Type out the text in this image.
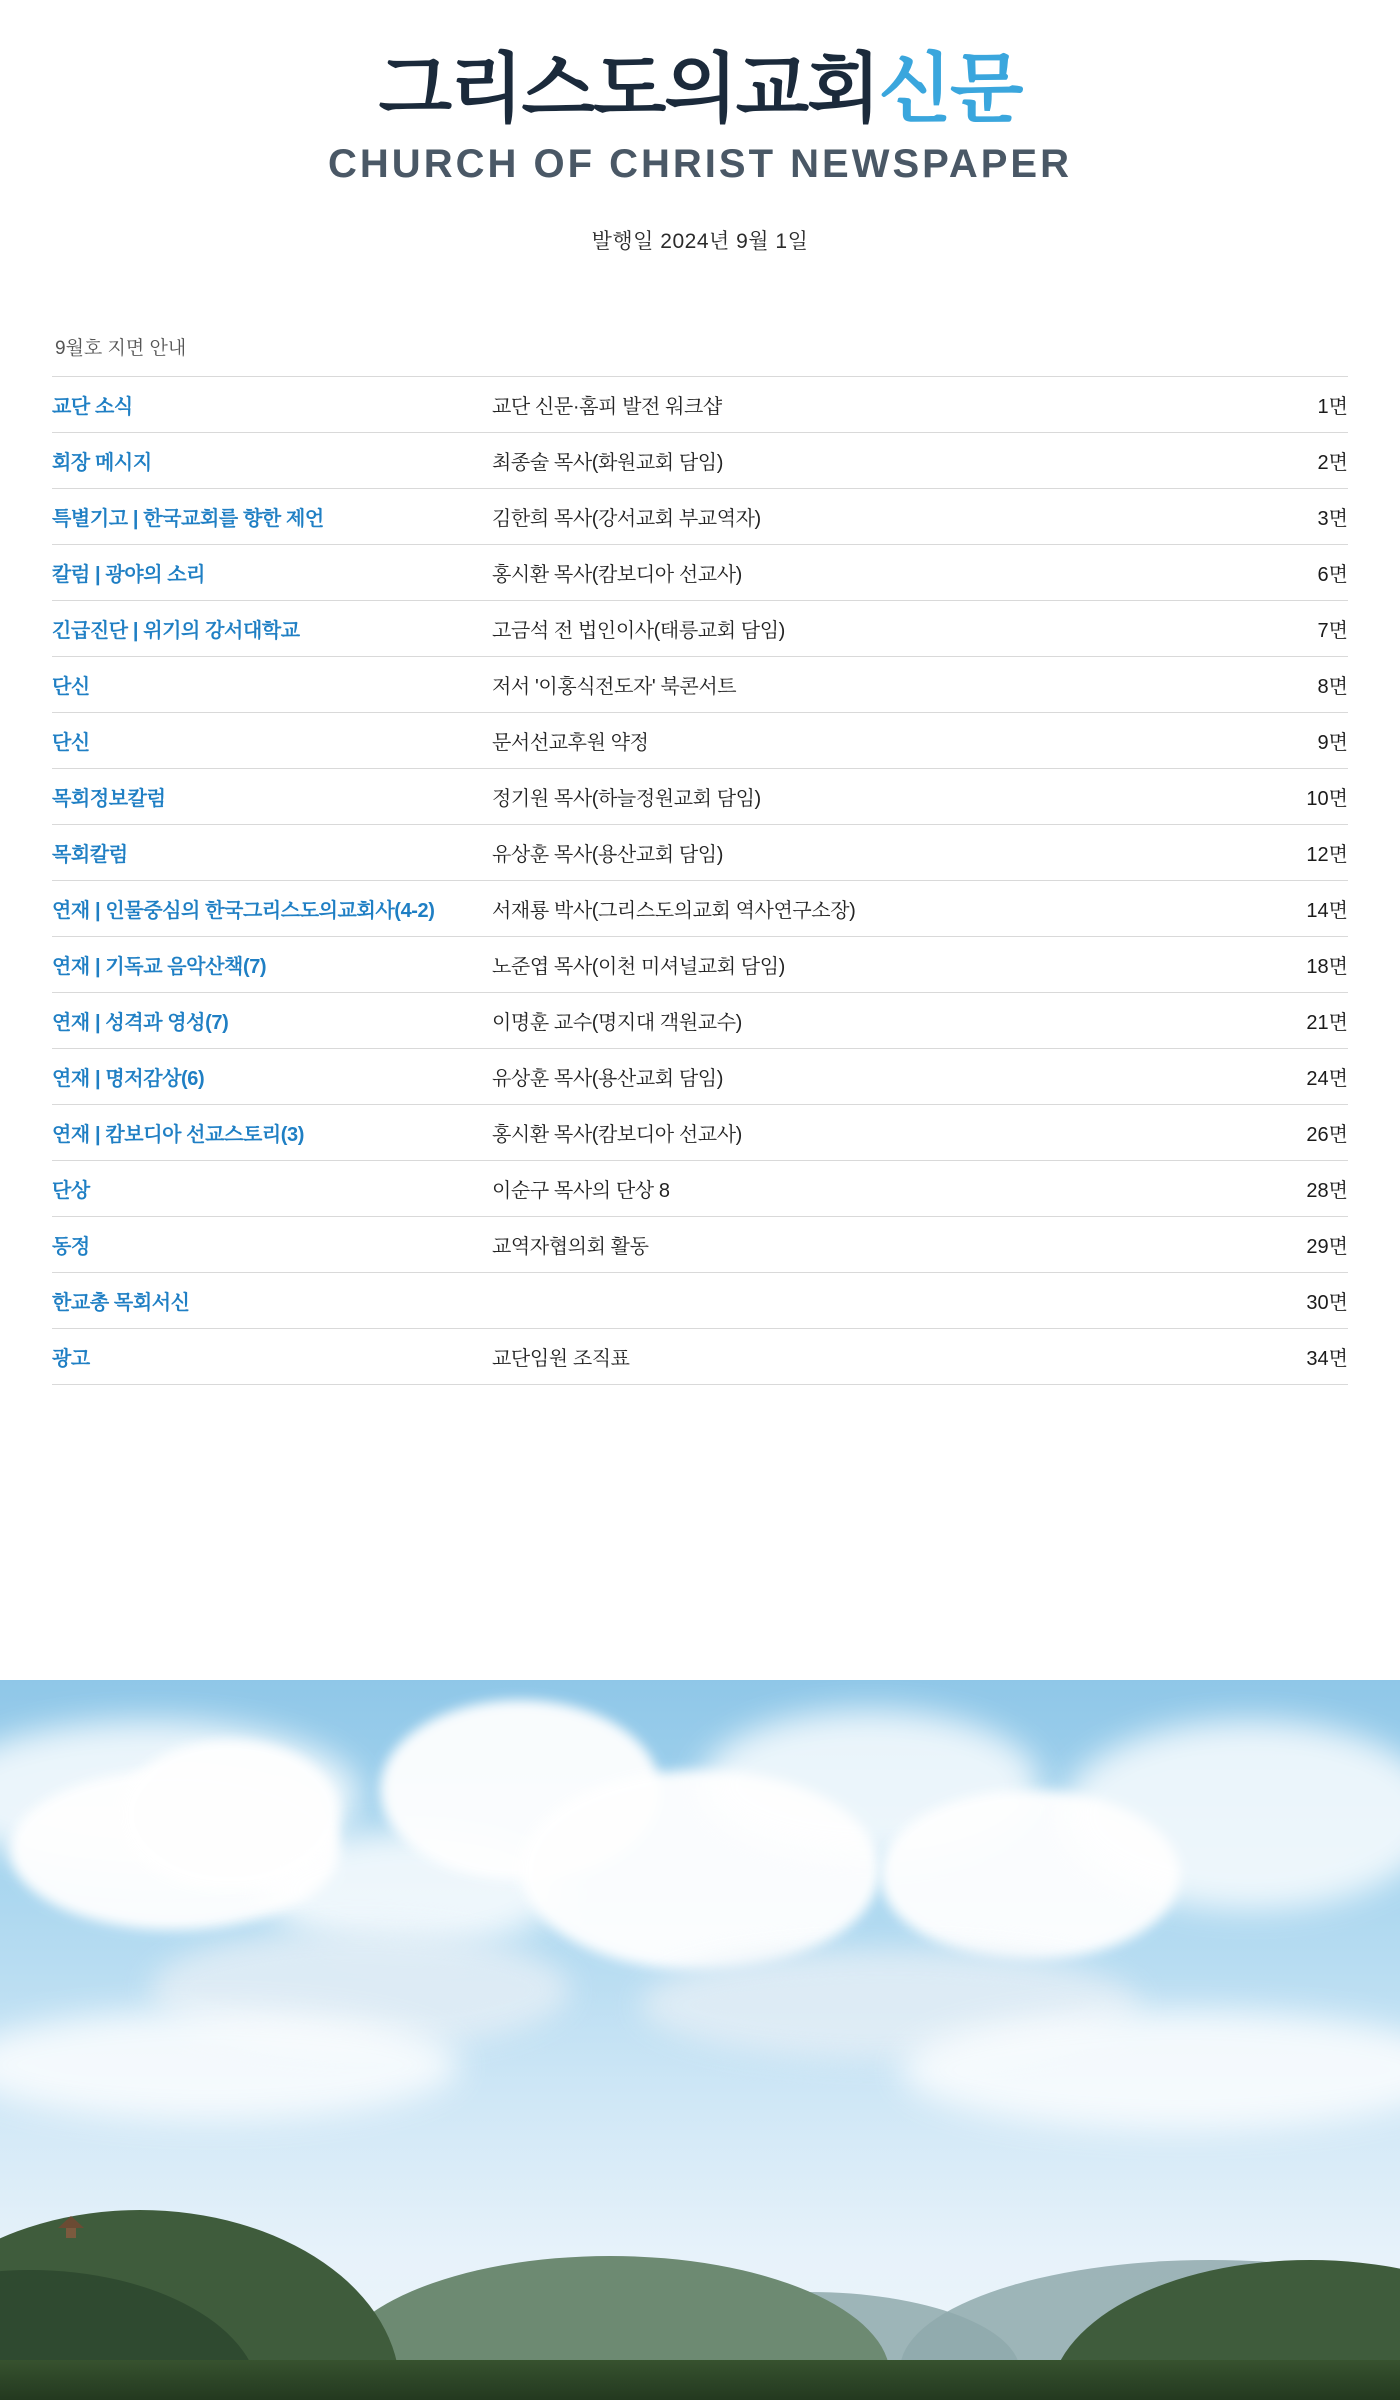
그리스도의교회신문
CHURCH OF CHRIST NEWSPAPER
발행일 2024년 9월 1일
9월호 지면 안내
교단 소식	교단 신문·홈피 발전 워크샵	1면
회장 메시지	최종술 목사(화원교회 담임)	2면
특별기고 | 한국교회를 향한 제언	김한희 목사(강서교회 부교역자)	3면
칼럼 | 광야의 소리	홍시환 목사(캄보디아 선교사)	6면
긴급진단 | 위기의 강서대학교	고금석 전 법인이사(태릉교회 담임)	7면
단신	저서 '이홍식전도자' 북콘서트	8면
단신	문서선교후원 약정	9면
목회정보칼럼	정기원 목사(하늘정원교회 담임)	10면
목회칼럼	유상훈 목사(용산교회 담임)	12면
연재 | 인물중심의 한국그리스도의교회사(4-2)	서재룡 박사(그리스도의교회 역사연구소장)	14면
연재 | 기독교 음악산책(7)	노준엽 목사(이천 미셔널교회 담임)	18면
연재 | 성격과 영성(7)	이명훈 교수(명지대 객원교수)	21면
연재 | 명저감상(6)	유상훈 목사(용산교회 담임)	24면
연재 | 캄보디아 선교스토리(3)	홍시환 목사(캄보디아 선교사)	26면
단상	이순구 목사의 단상 8	28면
동정	교역자협의회 활동	29면
한교총 목회서신		30면
광고	교단임원 조직표	34면
